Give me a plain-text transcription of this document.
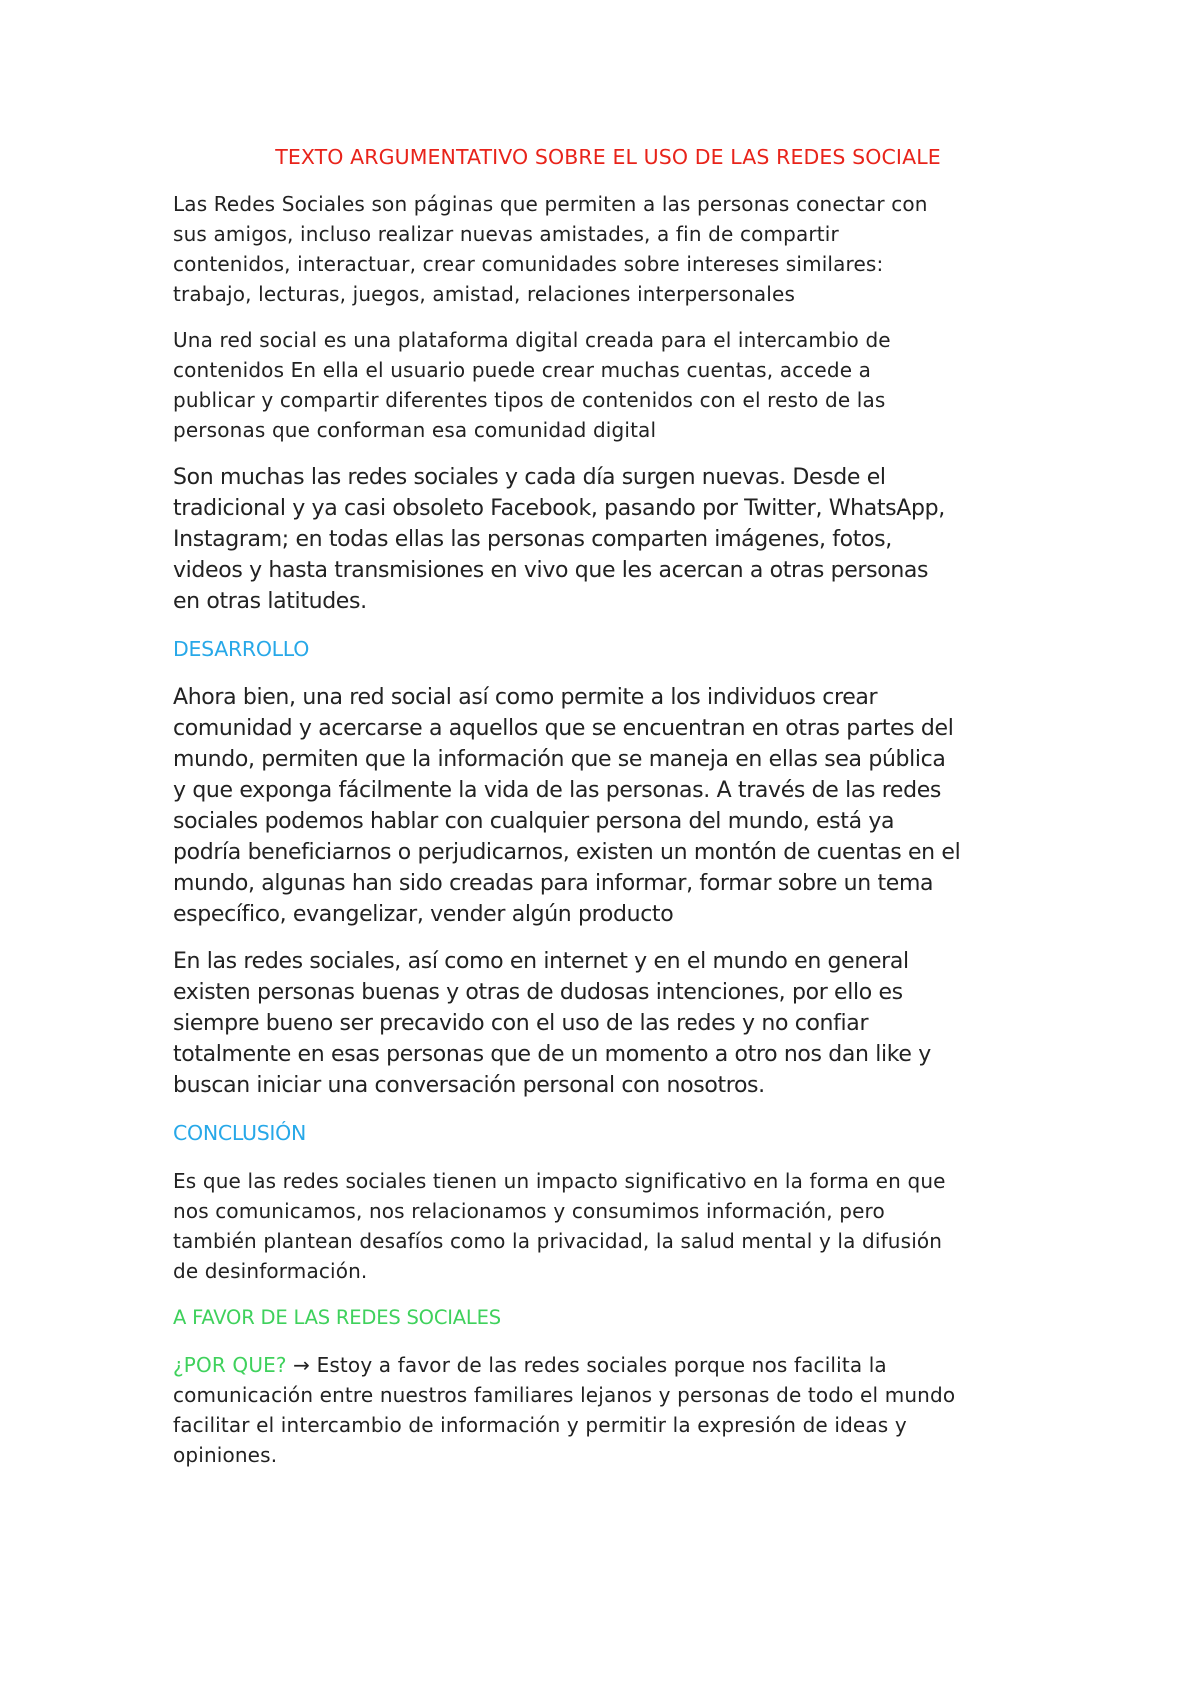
TEXTO ARGUMENTATIVO SOBRE EL USO DE LAS REDES SOCIALE

Las Redes Sociales son páginas que permiten a las personas conectar con
sus amigos, incluso realizar nuevas amistades, a fin de compartir
contenidos, interactuar, crear comunidades sobre intereses similares:
trabajo, lecturas, juegos, amistad, relaciones interpersonales

Una red social es una plataforma digital creada para el intercambio de
contenidos En ella el usuario puede crear muchas cuentas, accede a
publicar y compartir diferentes tipos de contenidos con el resto de las
personas que conforman esa comunidad digital

Son muchas las redes sociales y cada día surgen nuevas. Desde el
tradicional y ya casi obsoleto Facebook, pasando por Twitter, WhatsApp,
Instagram; en todas ellas las personas comparten imágenes, fotos,
videos y hasta transmisiones en vivo que les acercan a otras personas
en otras latitudes.

DESARROLLO

Ahora bien, una red social así como permite a los individuos crear
comunidad y acercarse a aquellos que se encuentran en otras partes del
mundo, permiten que la información que se maneja en ellas sea pública
y que exponga fácilmente la vida de las personas. A través de las redes
sociales podemos hablar con cualquier persona del mundo, está ya
podría beneficiarnos o perjudicarnos, existen un montón de cuentas en el
mundo, algunas han sido creadas para informar, formar sobre un tema
específico, evangelizar, vender algún producto

En las redes sociales, así como en internet y en el mundo en general
existen personas buenas y otras de dudosas intenciones, por ello es
siempre bueno ser precavido con el uso de las redes y no confiar
totalmente en esas personas que de un momento a otro nos dan like y
buscan iniciar una conversación personal con nosotros.

CONCLUSIÓN

Es que las redes sociales tienen un impacto significativo en la forma en que
nos comunicamos, nos relacionamos y consumimos información, pero
también plantean desafíos como la privacidad, la salud mental y la difusión
de desinformación.

A FAVOR DE LAS REDES SOCIALES

¿POR QUE? → Estoy a favor de las redes sociales porque nos facilita la
comunicación entre nuestros familiares lejanos y personas de todo el mundo
facilitar el intercambio de información y permitir la expresión de ideas y
opiniones.
